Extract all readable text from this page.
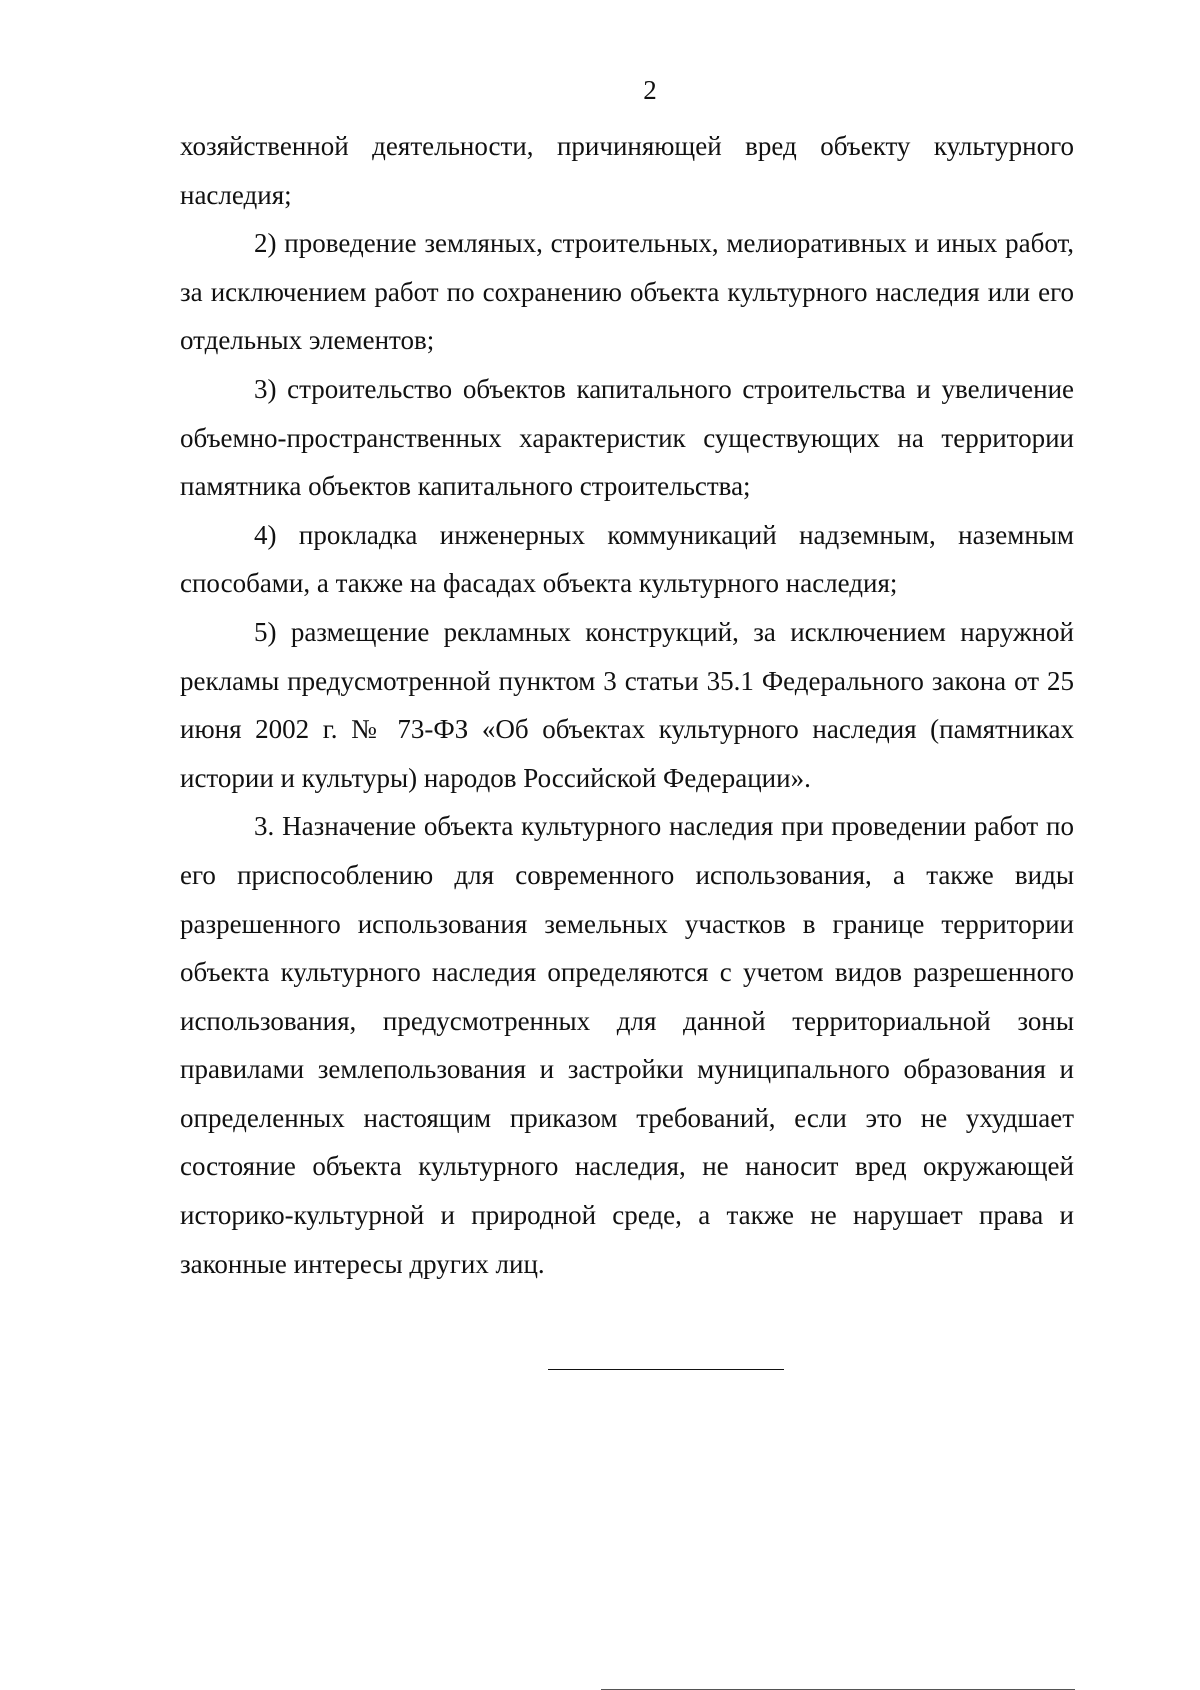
2

хозяйственной деятельности, причиняющей вред объекту культурного наследия;

2) проведение земляных, строительных, мелиоративных и иных работ, за исключением работ по сохранению объекта культурного наследия или его отдельных элементов;

3) строительство объектов капитального строительства и увеличение объемно-пространственных характеристик существующих на территории памятника объектов капитального строительства;

4) прокладка инженерных коммуникаций надземным, наземным способами, а также на фасадах объекта культурного наследия;

5) размещение рекламных конструкций, за исключением наружной рекламы предусмотренной пунктом 3 статьи 35.1 Федерального закона от 25 июня 2002 г. № 73-ФЗ «Об объектах культурного наследия (памятниках истории и культуры) народов Российской Федерации».

3. Назначение объекта культурного наследия при проведении работ по его приспособлению для современного использования, а также виды разрешенного использования земельных участков в границе территории объекта культурного наследия определяются с учетом видов разрешенного использования, предусмотренных для данной территориальной зоны правилами землепользования и застройки муниципального образования и определенных настоящим приказом требований, если это не ухудшает состояние объекта культурного наследия, не наносит вред окружающей историко-культурной и природной среде, а также не нарушает права и законные интересы других лиц.
